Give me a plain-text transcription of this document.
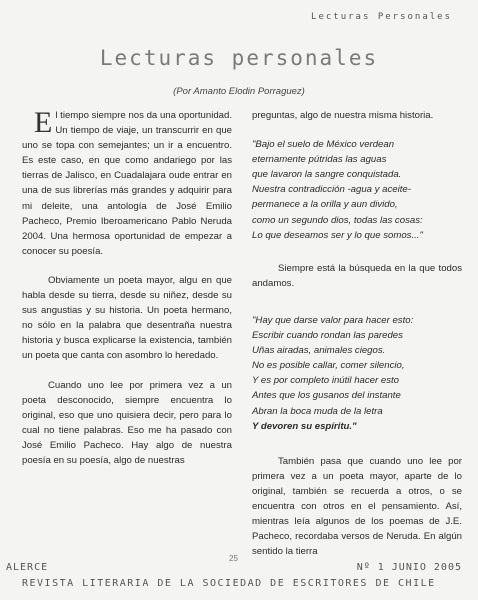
Lecturas Personales
Lecturas personales
(Por Amanto Elodin Porraguez)

El tiempo siempre nos da una oportunidad. Un tiempo de viaje, un transcurrir en que uno se topa con semejantes; un ir a encuentro. Es este caso, en que como andariego por las tierras de Jalisco, en Cuadalajara oude entrar en una de sus librerías más grandes y adquirir para mi deleite, una antología de José Emilio Pacheco, Premio Iberoamericano Pablo Neruda 2004. Una hermosa oportunidad de empezar a conocer su poesía.

Obviamente un poeta mayor, algu en que habla desde su tierra, desde su niñez, desde su sus angustias y su historia. Un poeta hermano, no sólo en la palabra que desentraña nuestra historia y busca explicarse la existencia, también un poeta que canta con asombro lo heredado.

Cuando uno lee por primera vez a un poeta desconocido, siempre encuentra lo original, eso que uno quisiera decir, pero para lo cual no tiene palabras. Eso me ha pasado con José Emilio Pacheco. Hay algo de nuestra poesía en su poesía, algo de nuestras

preguntas, algo de nuestra misma historia.

"Bajo el suelo de México verdean
eternamente pútridas las aguas
que lavaron la sangre conquistada.
Nuestra contradicción -agua y aceite-
permanece a la orilla y aun divido,
como un segundo dios, todas las cosas:
Lo que deseamos ser y lo que somos..."

Siempre está la búsqueda en la que todos andamos.

"Hay que darse valor para hacer esto:
Escribir cuando rondan las paredes
Uñas airadas, animales ciegos.
No es posible callar, comer silencio,
Y es por completo inútil hacer esto
Antes que los gusanos del instante
Abran la boca muda de la letra
Y devoren su espíritu."

También pasa que cuando uno lee por primera vez a un poeta mayor, aparte de lo original, también se recuerda a otros, o se encuentra con otros en el pensamiento. Así, mientras leía algunos de los poemas de J.E. Pacheco, recordaba versos de Neruda. En algún sentido la tierra

25
ALERCE	Nº 1 JUNIO 2005
REVISTA LITERARIA DE LA SOCIEDAD DE ESCRITORES DE CHILE
